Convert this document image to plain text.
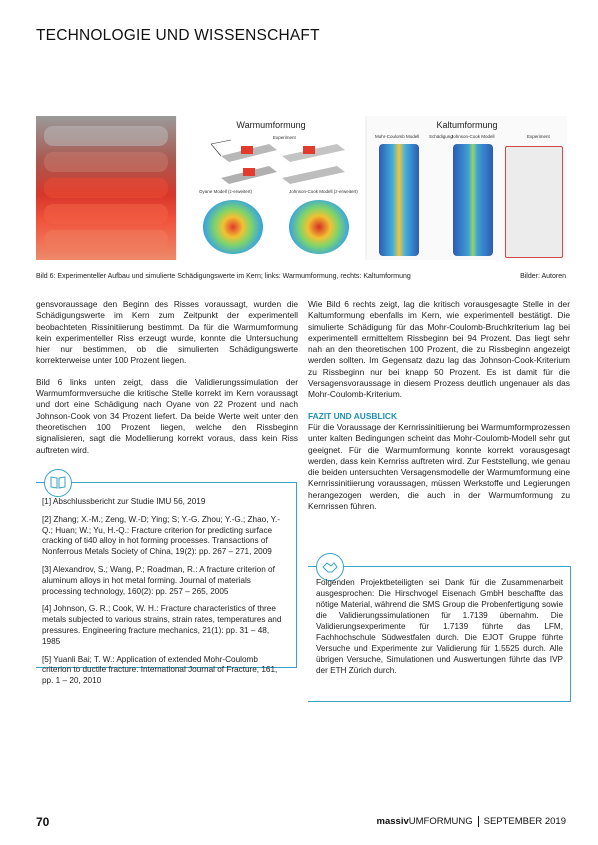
TECHNOLOGIE UND WISSENSCHAFT
Warmumformung
Experiment
Oyane Modell (z-erweitert)	Johnson-Cook Modell (z-erweitert)
Kaltumformung
Mohr-Coulomb Modell Schädigung
Johnson-Cook Modell	Experiment
Bild 6: Experimenteller Aufbau und simulierte Schädigungswerte im Kern; links: Warmumformung, rechts: Kaltumformung	Bilder: Autoren

gensvoraussage den Beginn des Risses voraussagt, wurden die Schädigungswerte im Kern zum Zeitpunkt der experimentell beobachteten Rissinitiierung bestimmt. Da für die Warmumformung kein experimenteller Riss erzeugt wurde, konnte die Untersuchung hier nur bestimmen, ob die simulierten Schädigungswerte korrekterweise unter 100 Prozent liegen.

Bild 6 links unten zeigt, dass die Validierungssimulation der Warmumformversuche die kritische Stelle korrekt im Kern voraussagt und dort eine Schädigung nach Oyane von 22 Prozent und nach Johnson-Cook von 34 Prozent liefert. Da beide Werte weit unter den theoretischen 100 Prozent liegen, welche den Rissbeginn signalisieren, sagt die Modellierung korrekt voraus, dass kein Riss auftreten wird.

Wie Bild 6 rechts zeigt, lag die kritisch vorausgesagte Stelle in der Kaltumformung ebenfalls im Kern, wie experimentell bestätigt. Die simulierte Schädigung für das Mohr-Coulomb-Bruchkriterium lag bei experimentell ermitteltem Rissbeginn bei 94 Prozent. Das liegt sehr nah an den theoretischen 100 Prozent, die zu Rissbeginn angezeigt werden sollten. Im Gegensatz dazu lag das Johnson-Cook-Kriterium zu Rissbeginn nur bei knapp 50 Prozent. Es ist damit für die Versagensvoraussage in diesem Prozess deutlich ungenauer als das Mohr-Coulomb-Kriterium.

FAZIT UND AUSBLICK

Für die Voraussage der Kernrissinitiierung bei Warmumformprozessen unter kalten Bedingungen scheint das Mohr-Coulomb-Modell sehr gut geeignet. Für die Warmumformung konnte korrekt vorausgesagt werden, dass kein Kernriss auftreten wird. Zur Feststellung, wie genau die beiden untersuchten Versagensmodelle der Warmumformung eine Kernrissinitiierung voraussagen, müssen Werkstoffe und Legierungen herangezogen werden, die auch in der Warmumformung zu Kernrissen führen.

[1] Abschlussbericht zur Studie IMU 56, 2019
[2] Zhang; X.-M.; Zeng, W.-D; Ying; S; Y.-G. Zhou; Y.-G.; Zhao, Y.-Q.; Huan; W.; Yu, H.-Q.: Fracture criterion for predicting surface cracking of ti40 alloy in hot forming processes. Transactions of Nonferrous Metals Society of China, 19(2): pp. 267 – 271, 2009
[3] Alexandrov, S.; Wang, P.; Roadman, R.: A fracture criterion of aluminum alloys in hot metal forming. Journal of materials processing technology, 160(2): pp. 257 – 265, 2005
[4] Johnson, G. R.; Cook, W. H.: Fracture characteristics of three metals subjected to various strains, strain rates, temperatures and pressures. Engineering fracture mechanics, 21(1): pp. 31 – 48, 1985
[5] Yuanli Bai; T. W.: Application of extended Mohr-Coulomb criterion to ductile fracture. International Journal of Fracture, 161, pp. 1 – 20, 2010
Folgenden Projektbeteiligten sei Dank für die Zusammenarbeit ausgesprochen: Die Hirschvogel Eisenach GmbH beschaffte das nötige Material, während die SMS Group die Probenfertigung sowie die Validierungssimulationen für 1.7139 übernahm. Die Validierungsexperimente für 1.7139 führte das LFM, Fachhochschule Südwestfalen durch. Die EJOT Gruppe führte Versuche und Experimente zur Validierung für 1.5525 durch. Alle übrigen Versuche, Simulationen und Auswertungen führte das IVP der ETH Zürich durch.
70	massivUMFORMUNG SEPTEMBER 2019
